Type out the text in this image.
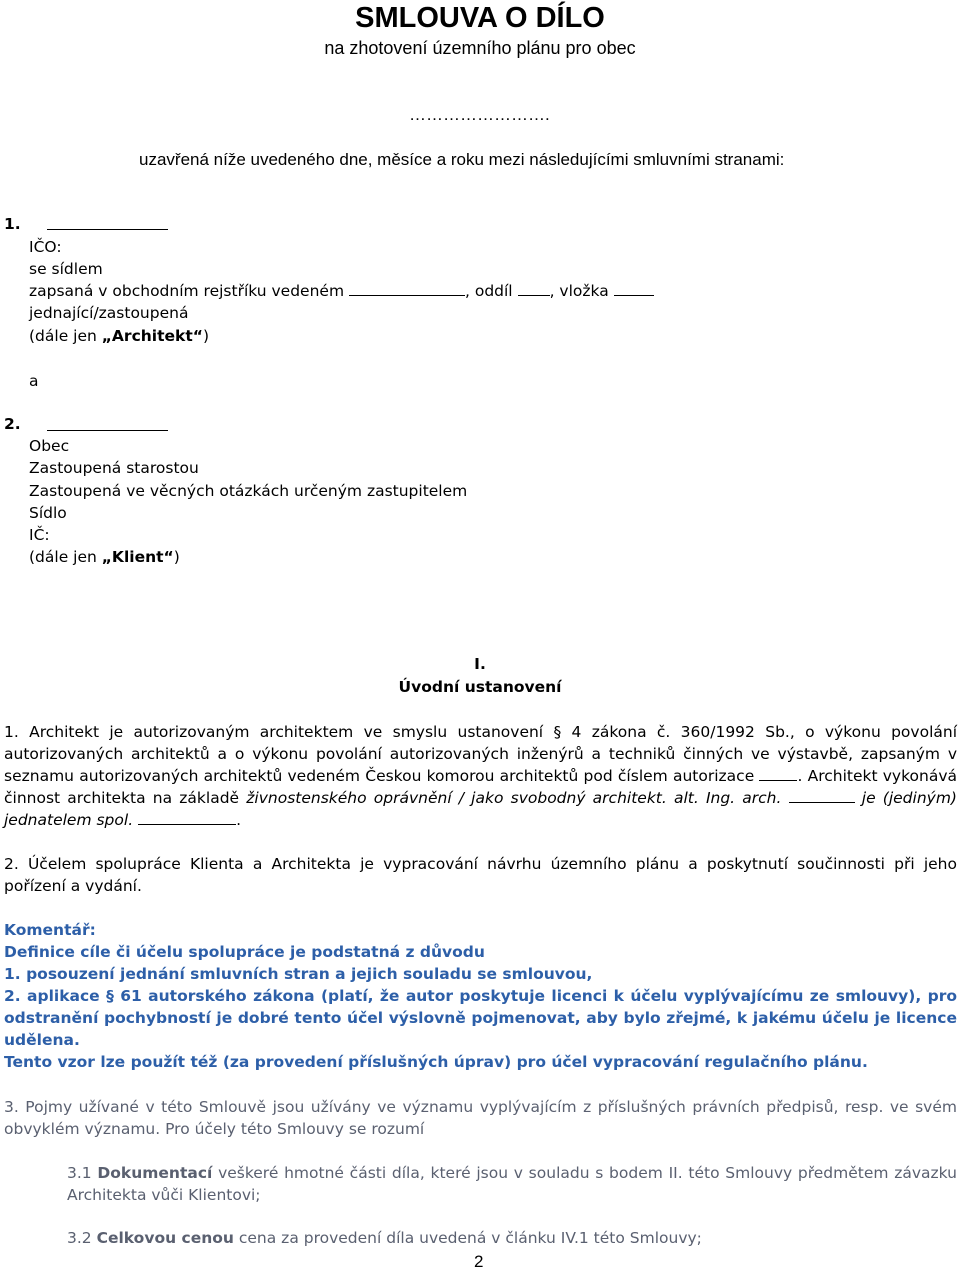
SMLOUVA O DÍLO
na zhotovení územního plánu pro obec
…………………….
uzavřená níže uvedeného dne, měsíce a roku mezi následujícími smluvními stranami:
1.
IČO:
se sídlem
zapsaná v obchodním rejstříku vedeném	, oddíl , vložka
jednající/zastoupená
(dále jen „Architekt“)
a
2.
Obec
Zastoupená starostou
Zastoupená ve věcných otázkách určeným zastupitelem
Sídlo
IČ:
(dále jen „Klient“)
I.
Úvodní ustanovení
1. Architekt je autorizovaným architektem ve smyslu ustanovení § 4 zákona č. 360/1992 Sb., o výkonu povolání autorizovaných architektů a o výkonu povolání autorizovaných inženýrů a techniků činných ve výstavbě, zapsaným v seznamu autorizovaných architektů vedeném Českou komorou architektů pod číslem autorizace	. Architekt vykonává činnost architekta na základě živnostenského oprávnění / jako svobodný architekt. alt. Ing. arch.	je (jediným) jednatelem spol.	.
2. Účelem spolupráce Klienta a Architekta je vypracování návrhu územního plánu a poskytnutí součinnosti při jeho pořízení a vydání.
Komentář:
Definice cíle či účelu spolupráce je podstatná z důvodu
1. posouzení jednání smluvních stran a jejich souladu se smlouvou,
2. aplikace § 61 autorského zákona (platí, že autor poskytuje licenci k účelu vyplývajícímu ze smlouvy), pro odstranění pochybností je dobré tento účel výslovně pojmenovat, aby bylo zřejmé, k jakému účelu je licence udělena.
Tento vzor lze použít též (za provedení příslušných úprav) pro účel vypracování regulačního plánu.
3. Pojmy užívané v této Smlouvě jsou užívány ve významu vyplývajícím z příslušných právních předpisů, resp. ve svém obvyklém významu. Pro účely této Smlouvy se rozumí
3.1 Dokumentací veškeré hmotné části díla, které jsou v souladu s bodem II. této Smlouvy předmětem závazku Architekta vůči Klientovi;
3.2 Celkovou cenou cena za provedení díla uvedená v článku IV.1 této Smlouvy;
2
